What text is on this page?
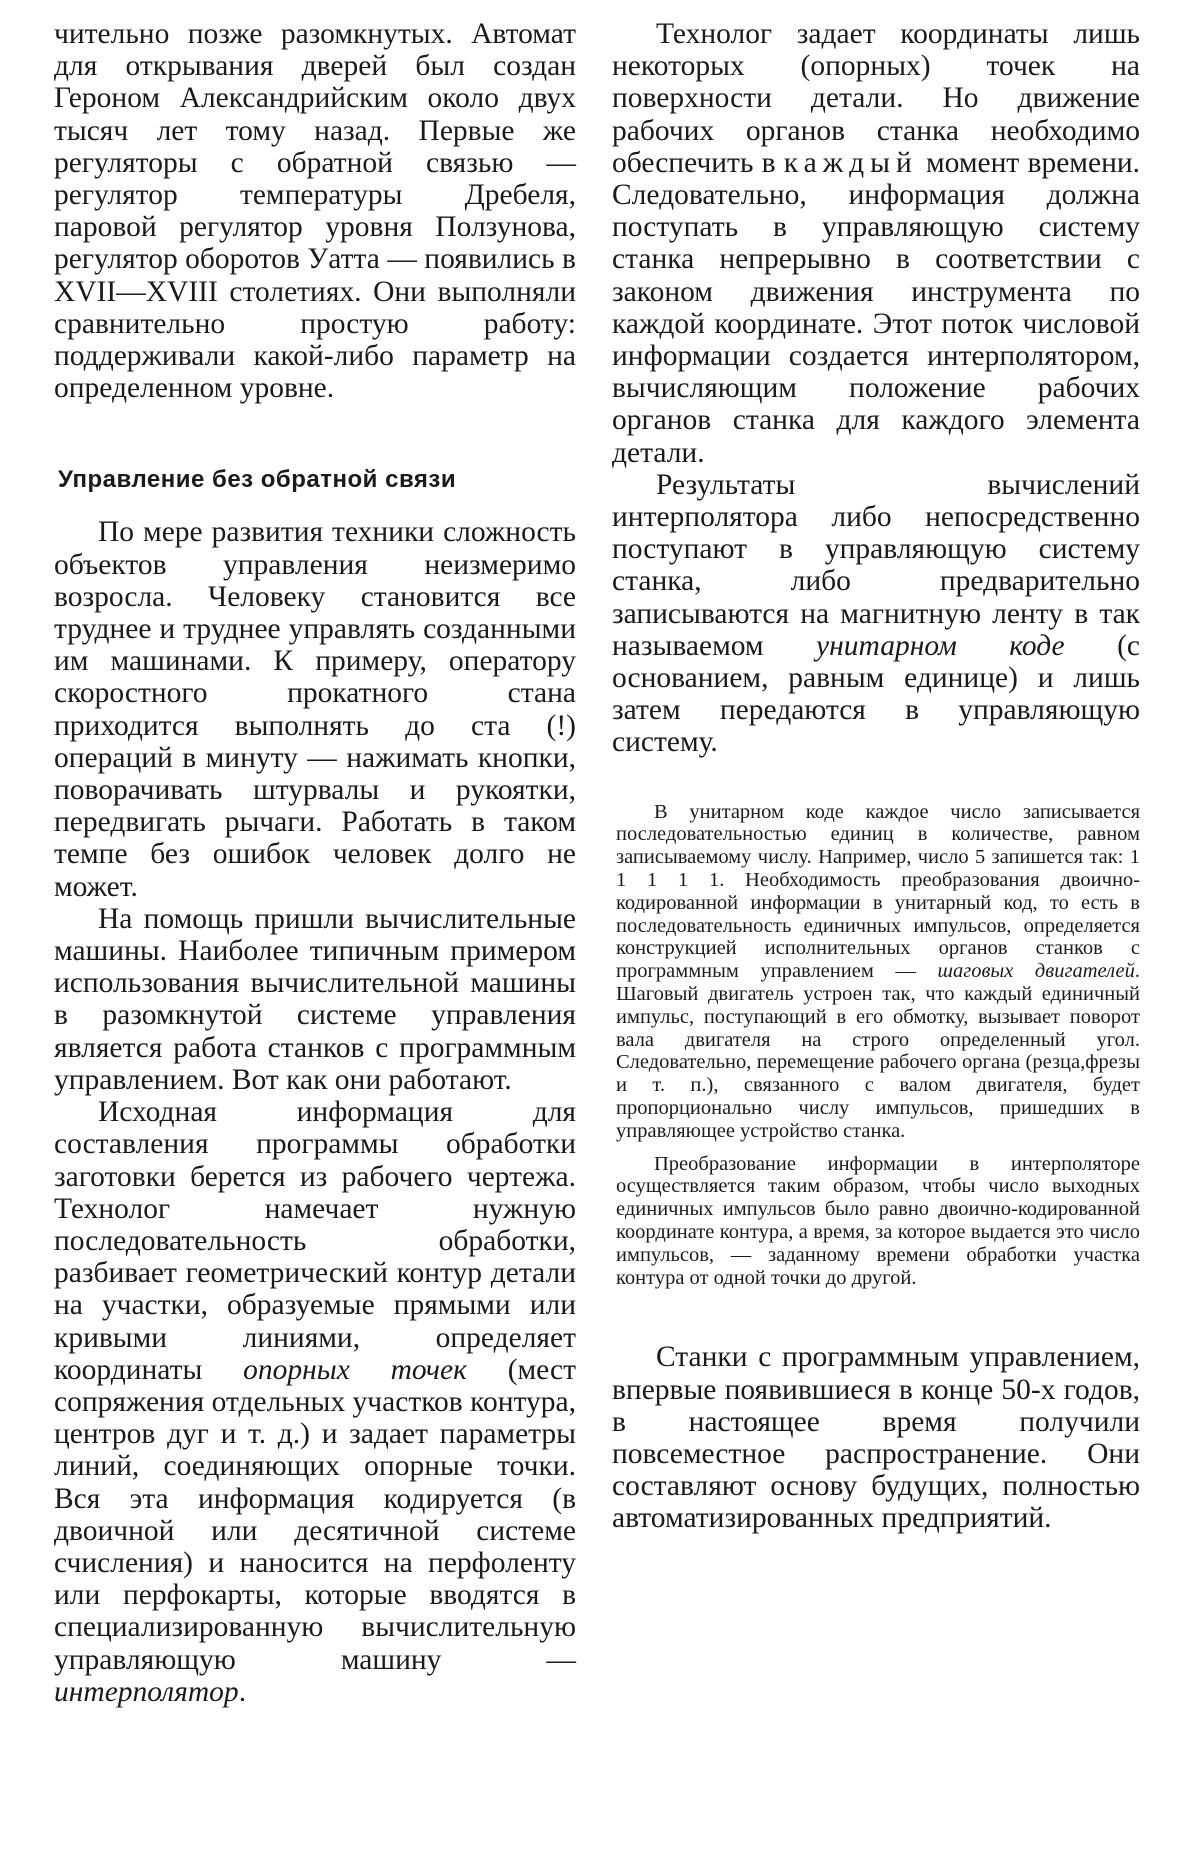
чительно позже разомкнутых. Автомат для открывания дверей был создан Героном Александрийским около двух тысяч лет тому назад. Первые же регуляторы с обратной связью — регулятор температуры Дребеля, паровой регулятор уровня Ползунова, регулятор оборотов Уатта — появились в XVII—XVIII столетиях. Они выполняли сравнительно простую работу: поддерживали какой-либо параметр на определенном уровне.

Управление без обратной связи

По мере развития техники сложность объектов управления неизмеримо возросла. Человеку становится все труднее и труднее управлять созданными им машинами. К примеру, оператору скоростного прокатного стана приходится выполнять до ста (!) операций в минуту — нажимать кнопки, поворачивать штурвалы и рукоятки, передвигать рычаги. Работать в таком темпе без ошибок человек долго не может.

На помощь пришли вычислительные машины. Наиболее типичным примером использования вычислительной машины в разомкнутой системе управления является работа станков с программным управлением. Вот как они работают.

Исходная информация для составления программы обработки заготовки берется из рабочего чертежа. Технолог намечает нужную последовательность обработки, разбивает геометрический контур детали на участки, образуемые прямыми или кривыми линиями, определяет координаты опорных точек (мест сопряжения отдельных участков контура, центров дуг и т. д.) и задает параметры линий, соединяющих опорные точки. Вся эта информация кодируется (в двоичной или десятичной системе счисления) и наносится на перфоленту или перфокарты, которые вводятся в специализированную вычислительную управляющую машину — интерполятор.

Технолог задает координаты лишь некоторых (опорных) точек на поверхности детали. Но движение рабочих органов станка необходимо обеспечить в каждый момент времени. Следовательно, информация должна поступать в управляющую систему станка непрерывно в соответствии с законом движения инструмента по каждой координате. Этот поток числовой информации создается интерполятором, вычисляющим положение рабочих органов станка для каждого элемента детали.

Результаты вычислений интерполятора либо непосредственно поступают в управляющую систему станка, либо предварительно записываются на магнитную ленту в так называемом унитарном коде (с основанием, равным единице) и лишь затем передаются в управляющую систему.

В унитарном коде каждое число записывается последовательностью единиц в количестве, равном записываемому числу. Например, число 5 запишется так: 1 1 1 1 1. Необходимость преобразования двоично-кодированной информации в унитарный код, то есть в последовательность единичных импульсов, определяется конструкцией исполнительных органов станков с программным управлением — шаговых двигателей. Шаговый двигатель устроен так, что каждый единичный импульс, поступающий в его обмотку, вызывает поворот вала двигателя на строго определенный угол. Следовательно, перемещение рабочего органа (резца,фрезы и т. п.), связанного с валом двигателя, будет пропорционально числу импульсов, пришедших в управляющее устройство станка.

Преобразование информации в интерполяторе осуществляется таким образом, чтобы число выходных единичных импульсов было равно двоично-кодированной координате контура, а время, за которое выдается это число импульсов, — заданному времени обработки участка контура от одной точки до другой.

Станки с программным управлением, впервые появившиеся в конце 50-х годов, в настоящее время получили повсеместное распространение. Они составляют основу будущих, полностью автоматизированных предприятий.
